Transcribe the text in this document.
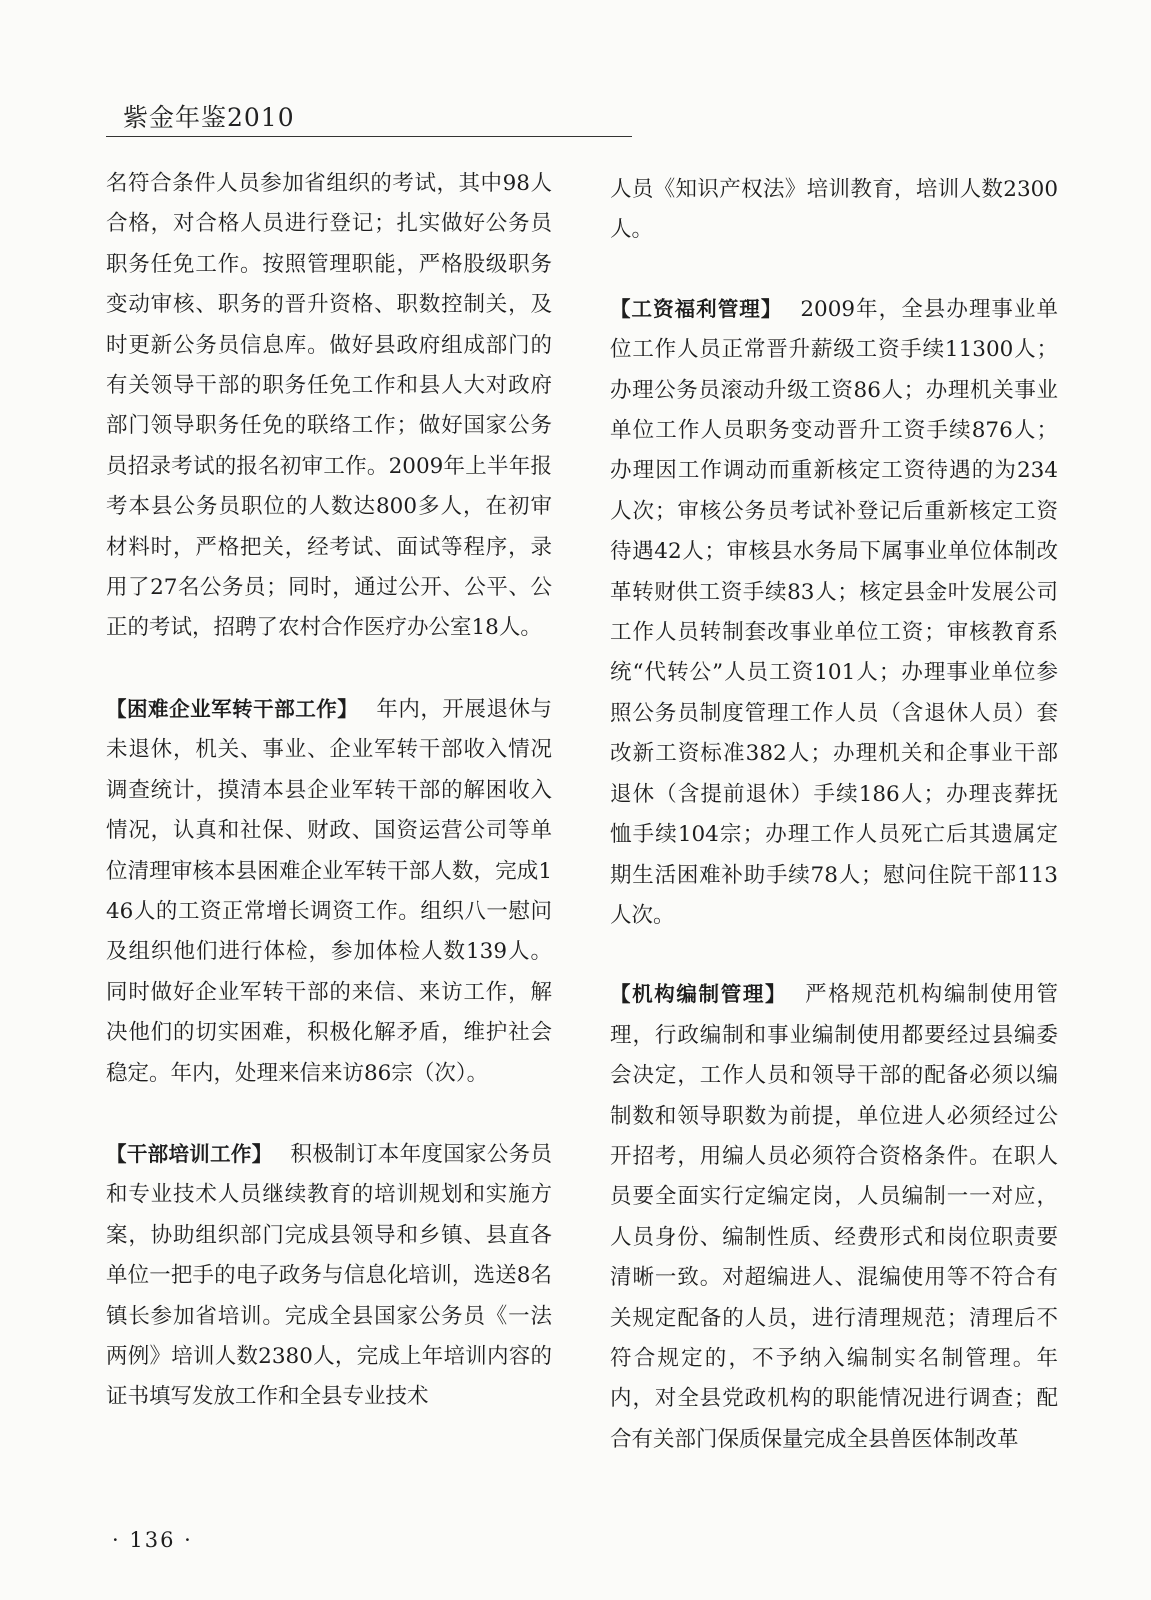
紫金年鉴2010

名符合条件人员参加省组织的考试，其中98人合格，对合格人员进行登记；扎实做好公务员职务任免工作。按照管理职能，严格股级职务变动审核、职务的晋升资格、职数控制关，及时更新公务员信息库。做好县政府组成部门的有关领导干部的职务任免工作和县人大对政府部门领导职务任免的联络工作；做好国家公务员招录考试的报名初审工作。2009年上半年报考本县公务员职位的人数达800多人，在初审材料时，严格把关，经考试、面试等程序，录用了27名公务员；同时，通过公开、公平、公正的考试，招聘了农村合作医疗办公室18人。

【困难企业军转干部工作】 年内，开展退休与未退休，机关、事业、企业军转干部收入情况调查统计，摸清本县企业军转干部的解困收入情况，认真和社保、财政、国资运营公司等单位清理审核本县困难企业军转干部人数，完成146人的工资正常增长调资工作。组织八一慰问及组织他们进行体检，参加体检人数139人。同时做好企业军转干部的来信、来访工作，解决他们的切实困难，积极化解矛盾，维护社会稳定。年内，处理来信来访86宗（次）。

【干部培训工作】 积极制订本年度国家公务员和专业技术人员继续教育的培训规划和实施方案，协助组织部门完成县领导和乡镇、县直各单位一把手的电子政务与信息化培训，选送8名镇长参加省培训。完成全县国家公务员《一法两例》培训人数2380人，完成上年培训内容的证书填写发放工作和全县专业技术

人员《知识产权法》培训教育，培训人数2300人。

【工资福利管理】 2009年，全县办理事业单位工作人员正常晋升薪级工资手续11300人；办理公务员滚动升级工资86人；办理机关事业单位工作人员职务变动晋升工资手续876人；办理因工作调动而重新核定工资待遇的为234人次；审核公务员考试补登记后重新核定工资待遇42人；审核县水务局下属事业单位体制改革转财供工资手续83人；核定县金叶发展公司工作人员转制套改事业单位工资；审核教育系统“代转公”人员工资101人；办理事业单位参照公务员制度管理工作人员（含退休人员）套改新工资标准382人；办理机关和企事业干部退休（含提前退休）手续186人；办理丧葬抚恤手续104宗；办理工作人员死亡后其遗属定期生活困难补助手续78人；慰问住院干部113人次。

【机构编制管理】 严格规范机构编制使用管理，行政编制和事业编制使用都要经过县编委会决定，工作人员和领导干部的配备必须以编制数和领导职数为前提，单位进人必须经过公开招考，用编人员必须符合资格条件。在职人员要全面实行定编定岗，人员编制一一对应，人员身份、编制性质、经费形式和岗位职责要清晰一致。对超编进人、混编使用等不符合有关规定配备的人员，进行清理规范；清理后不符合规定的，不予纳入编制实名制管理。年内，对全县党政机构的职能情况进行调查；配合有关部门保质保量完成全县兽医体制改革

· 136 ·
